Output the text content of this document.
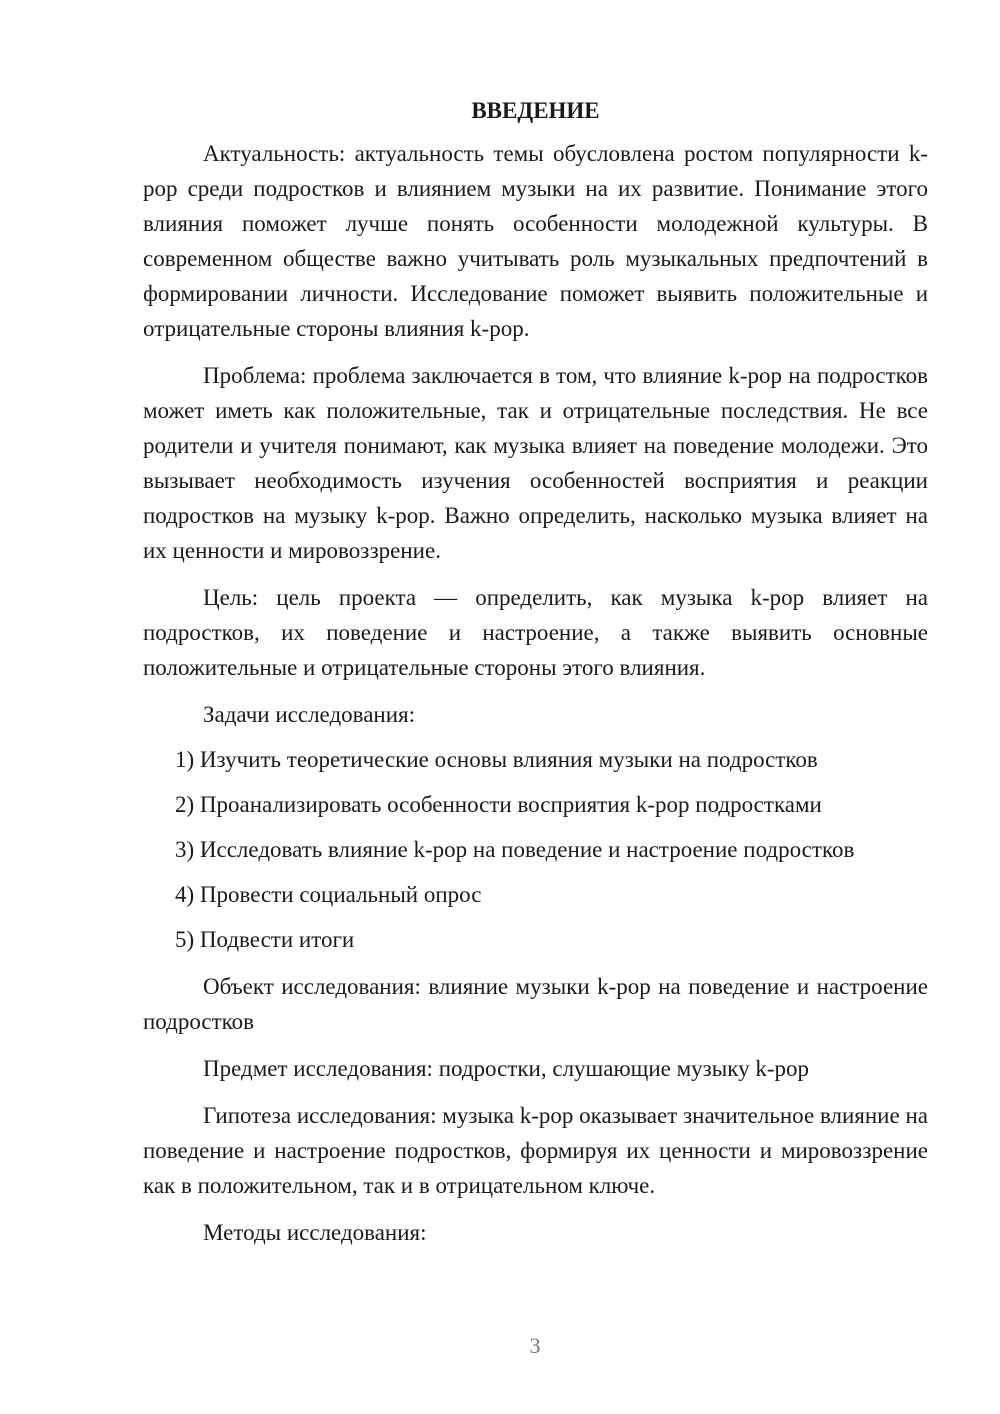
ВВЕДЕНИЕ

Актуальность: актуальность темы обусловлена ростом популярности k-pop среди подростков и влиянием музыки на их развитие. Понимание этого влияния поможет лучше понять особенности молодежной культуры. В современном обществе важно учитывать роль музыкальных предпочтений в формировании личности. Исследование поможет выявить положительные и отрицательные стороны влияния k-pop.

Проблема: проблема заключается в том, что влияние k-pop на подростков может иметь как положительные, так и отрицательные последствия. Не все родители и учителя понимают, как музыка влияет на поведение молодежи. Это вызывает необходимость изучения особенностей восприятия и реакции подростков на музыку k-pop. Важно определить, насколько музыка влияет на их ценности и мировоззрение.

Цель: цель проекта — определить, как музыка k-pop влияет на подростков, их поведение и настроение, а также выявить основные положительные и отрицательные стороны этого влияния.

Задачи исследования:

1) Изучить теоретические основы влияния музыки на подростков
2) Проанализировать особенности восприятия k-pop подростками
3) Исследовать влияние k-pop на поведение и настроение подростков
4) Провести социальный опрос
5) Подвести итоги

Объект исследования: влияние музыки k-pop на поведение и настроение подростков

Предмет исследования: подростки, слушающие музыку k-pop

Гипотеза исследования: музыка k-pop оказывает значительное влияние на поведение и настроение подростков, формируя их ценности и мировоззрение как в положительном, так и в отрицательном ключе.

Методы исследования:

3
